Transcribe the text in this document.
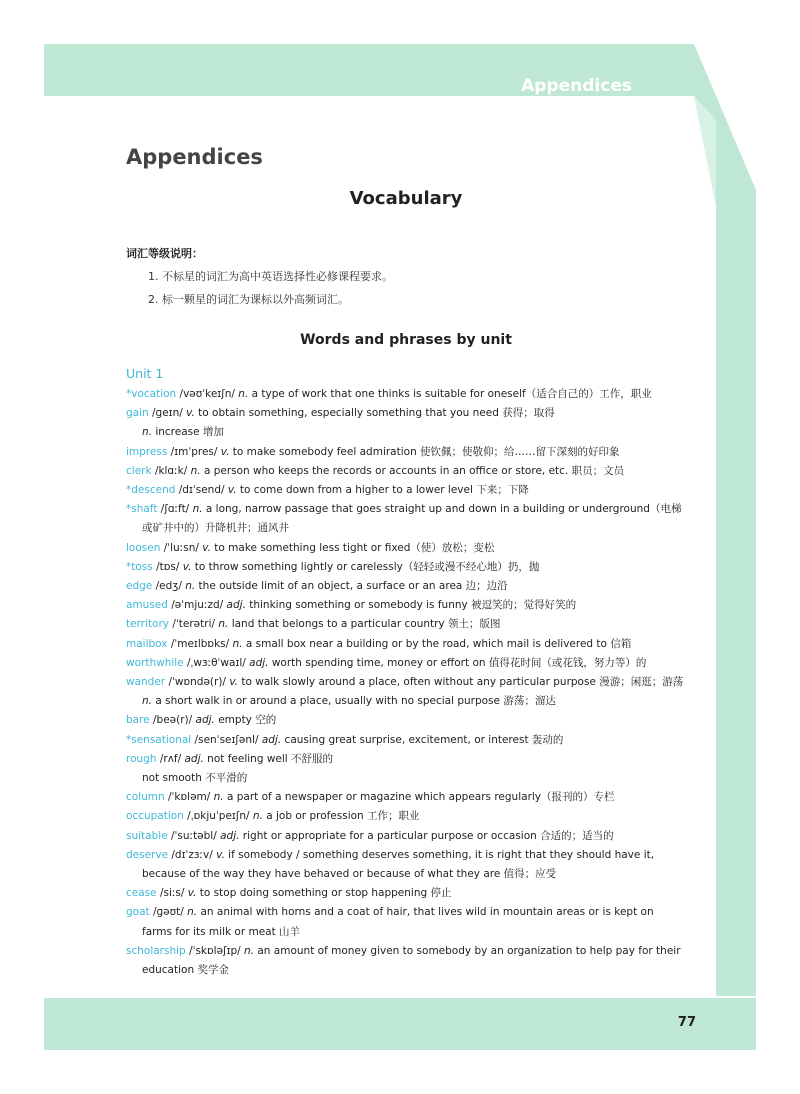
Appendices
77
Appendices
Vocabulary
词汇等级说明：
1. 不标星的词汇为高中英语选择性必修课程要求。
2. 标一颗星的词汇为课标以外高频词汇。
Words and phrases by unit
Unit 1

*vocation /vəʊˈkeɪʃn/ n. a type of work that one thinks is suitable for oneself（适合自己的）工作，职业

gain /ɡeɪn/ v. to obtain something, especially something that you need 获得；取得

n. increase 增加

impress /ɪmˈpres/ v. to make somebody feel admiration 使钦佩；使敬仰；给……留下深刻的好印象

clerk /klɑːk/ n. a person who keeps the records or accounts in an office or store, etc. 职员；文员

*descend /dɪˈsend/ v. to come down from a higher to a lower level 下来；下降

*shaft /ʃɑːft/ n. a long, narrow passage that goes straight up and down in a building or underground（电梯或矿井中的）升降机井；通风井

loosen /ˈluːsn/ v. to make something less tight or fixed（使）放松；变松

*toss /tɒs/ v. to throw something lightly or carelessly（轻轻或漫不经心地）扔，抛

edge /edʒ/ n. the outside limit of an object, a surface or an area 边；边沿

amused /əˈmjuːzd/ adj. thinking something or somebody is funny 被逗笑的；觉得好笑的

territory /ˈterətri/ n. land that belongs to a particular country 领土；版图

mailbox /ˈmeɪlbɒks/ n. a small box near a building or by the road, which mail is delivered to 信箱

worthwhile /ˌwɜːθˈwaɪl/ adj. worth spending time, money or effort on 值得花时间（或花钱，努力等）的

wander /ˈwɒndə(r)/ v. to walk slowly around a place, often without any particular purpose 漫游；闲逛；游荡

n. a short walk in or around a place, usually with no special purpose 游荡；溜达

bare /beə(r)/ adj. empty 空的

*sensational /senˈseɪʃənl/ adj. causing great surprise, excitement, or interest 轰动的

rough /rʌf/ adj. not feeling well 不舒服的

not smooth 不平滑的

column /ˈkɒləm/ n. a part of a newspaper or magazine which appears regularly（报刊的）专栏

occupation /ˌɒkjuˈpeɪʃn/ n. a job or profession 工作；职业

suitable /ˈsuːtəbl/ adj. right or appropriate for a particular purpose or occasion 合适的；适当的

deserve /dɪˈzɜːv/ v. if somebody / something deserves something, it is right that they should have it, because of the way they have behaved or because of what they are 值得；应受

cease /siːs/ v. to stop doing something or stop happening 停止

goat /ɡəʊt/ n. an animal with horns and a coat of hair, that lives wild in mountain areas or is kept on farms for its milk or meat 山羊

scholarship /ˈskɒləʃɪp/ n. an amount of money given to somebody by an organization to help pay for their education 奖学金
